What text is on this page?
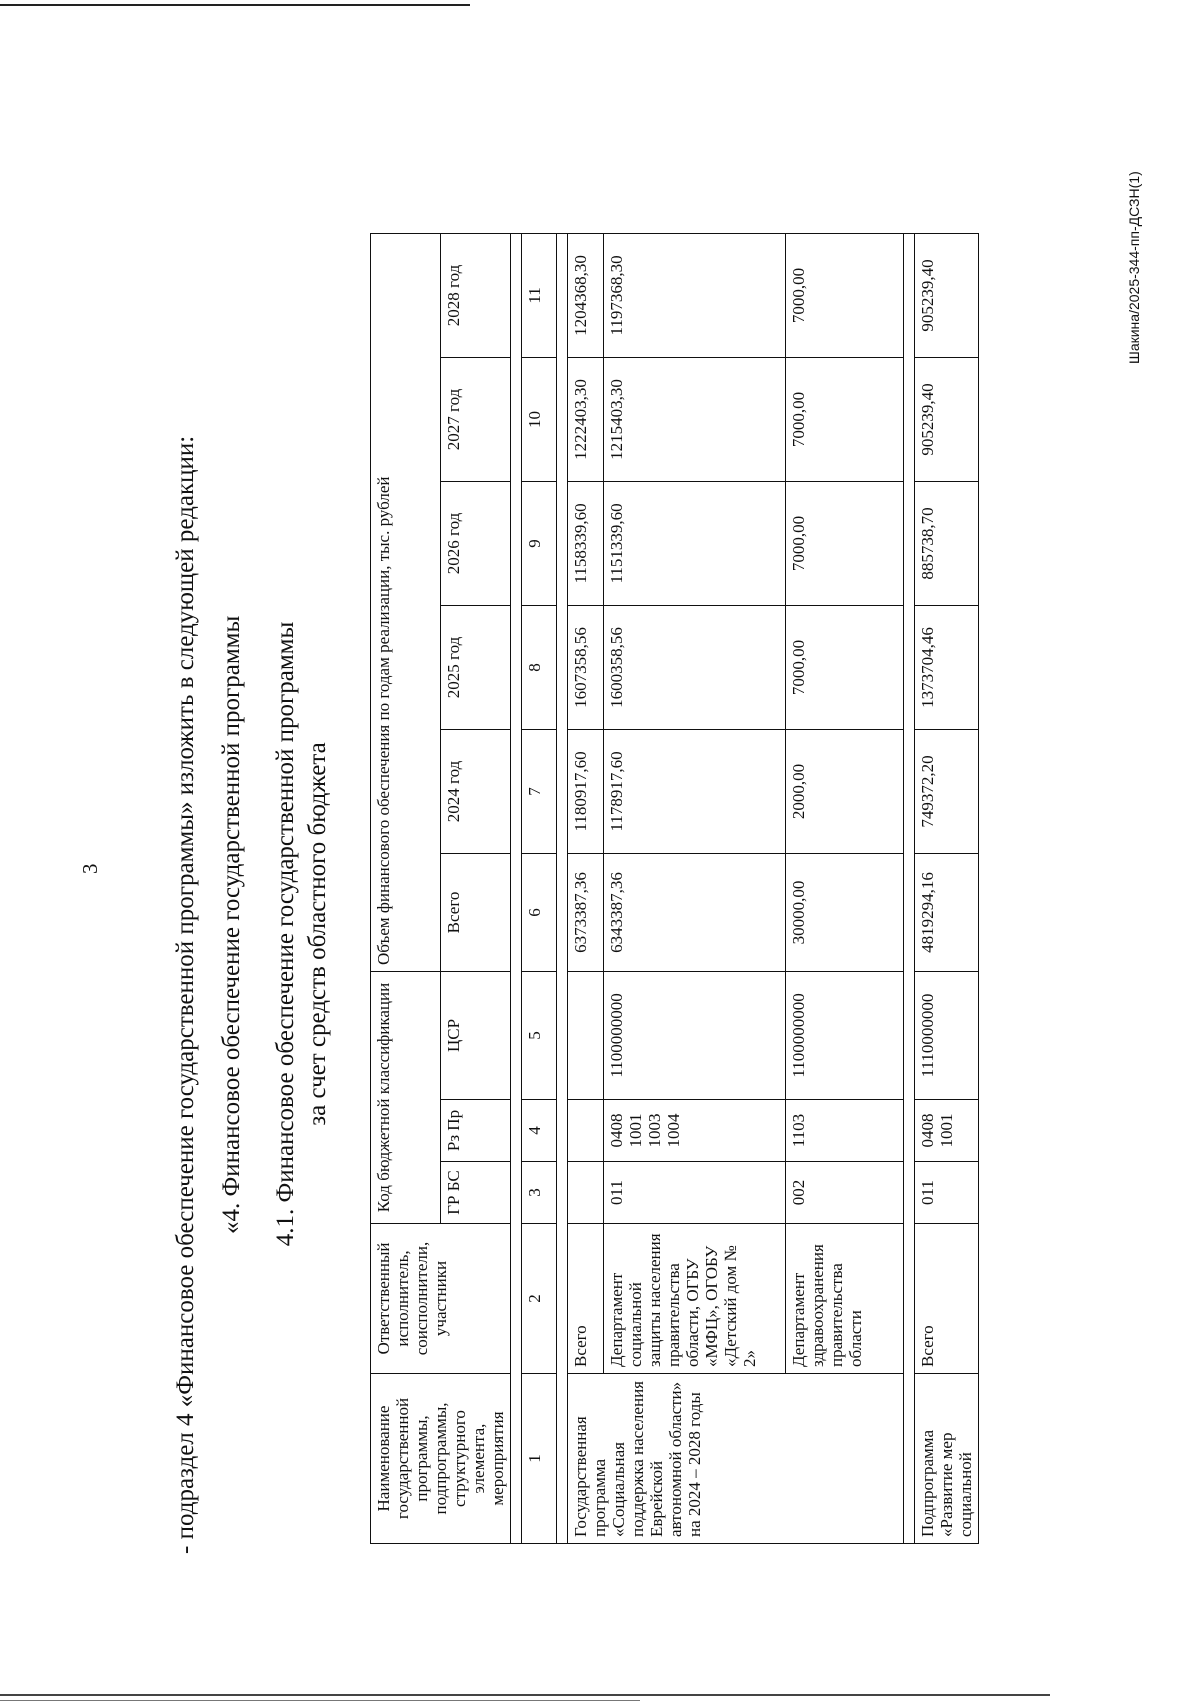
3	- подраздел 4 «Финансовое обеспечение государственной программы» изложить в следующей редакции: «4. Финансовое обеспечение государственной программы 4.1. Финансовое обеспечение государственной программы за счет средств областного бюджета
Наименование государственной программы, подпрограммы, структурного элемента, мероприятия	Ответственный исполнитель, соисполнители, участники	Код бюджетной классификации			Объем финансового обеспечения по годам реализации, тыс. рублей					
		ГР БС	Рз Пр	ЦСР	Всего	2024 год	2025 год	2026 год	2027 год	2028 год

1	2	3	4	5	6	7	8	9	10	11

Государственная программа «Социальная поддержка населения Еврейской автономной области» на 2024 – 2028 годы	Всего				6373387,36	1180917,60	1607358,56	1158339,60	1222403,30	1204368,30
	Департамент социальной защиты населения правительства области, ОГБУ «МФЦ», ОГОБУ «Детский дом № 2»	011	0408 1001 1003 1004	1100000000	6343387,36	1178917,60	1600358,56	1151339,60	1215403,30	1197368,30
	Департамент здравоохранения правительства области	002	1103	1100000000	30000,00	2000,00	7000,00	7000,00	7000,00	7000,00

Подпрограмма «Развитие мер социальной	Всего	011	0408 1001	1110000000	4819294,16	749372,20	1373704,46	885738,70	905239,40	905239,40	Шакина/2025-344-пп-ДСЗН(1)
